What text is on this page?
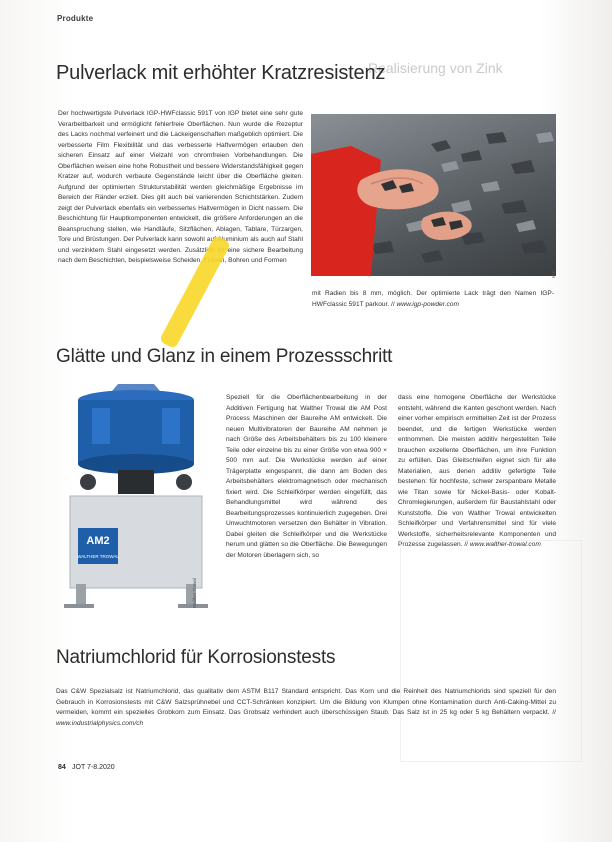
Produkte
Realisierung von Zink
Pulverlack mit erhöhter Kratzresistenz
Der hochwertigste Pulverlack IGP-HWFclassic 591T von IGP bietet eine sehr gute Verarbeitbarkeit und ermöglicht fehlerfreie Oberflächen. Nun wurde die Rezeptur des Lacks nochmal verfeinert und die Lackeigenschaften maßgeblich optimiert. Die verbesserte Film Flexibilität und das verbesserte Haftvermögen erlauben den sicheren Einsatz auf einer Vielzahl von chromfreien Vorbehandlungen. Die Oberflächen weisen eine hohe Robustheit und bessere Widerstandsfähigkeit gegen Kratzer auf, wodurch verbaute Gegenstände leicht über die Oberfläche gleiten. Aufgrund der optimierten Strukturstabilität werden gleichmäßige Ergebnisse im Bereich der Ränder erzielt. Dies gilt auch bei variierenden Schichtstärken. Zudem zeigt der Pulverlack ebenfalls ein verbessertes Haltvermögen in Dicht nassem. Die Beschichtung für Hauptkomponenten entwickelt, die größere Anforderungen an die Beanspruchung stellen, wie Handläufe, Sitzflächen, Ablagen, Tablare, Türzargen, Tore und Brüstungen. Der Pulverlack kann sowohl auf Aluminium als auch auf Stahl und verzinktem Stahl eingesetzt werden. Zusätzlich ist eine sichere Bearbeitung nach dem Beschichten, beispielsweise Scheiden, Fräsen, Bohren und Formen
IGP
mit Radien bis 8 mm, möglich. Der optimierte Lack trägt den Namen IGP-HWFclassic 591T parkour. // www.igp-powder.com
Glätte und Glanz in einem Prozessschritt
AM2
WALTHER TROWAL
Walther Trowal
Speziell für die Oberflächenbearbeitung in der Additiven Fertigung hat Walther Trowal die AM Post Process Maschinen der Baureihe AM entwickelt. Die neuen Multivibratoren der Baureihe AM nehmen je nach Größe des Arbeitsbehälters bis zu 100 kleinere Teile oder einzelne bis zu einer Größe von etwa 900 × 500 mm auf. Die Werkstücke werden auf einer Trägerplatte eingespannt, die dann am Boden des Arbeitsbehälters elektromagnetisch oder mechanisch fixiert wird. Die Schleifkörper werden eingefüllt, das Behandlungsmittel wird während des Bearbeitungsprozesses kontinuierlich zugegeben. Drei Unwuchtmotoren versetzen den Behälter in Vibration. Dabei gleiten die Schleifkörper und die Werkstücke herum und glätten so die Oberfläche. Die Bewegungen der Motoren überlagern sich, so
dass eine homogene Oberfläche der Werkstücke entsteht, während die Kanten geschont werden. Nach einer vorher empirisch ermittelten Zeit ist der Prozess beendet, und die fertigen Werkstücke werden entnommen. Die meisten additiv hergestellten Teile brauchen exzellente Oberflächen, um ihre Funktion zu erfüllen. Das Gleitschleifen eignet sich für alle Materialien, aus denen additiv gefertigte Teile bestehen: für hochfeste, schwer zerspanbare Metalle wie Titan sowie für Nickel-Basis- oder Kobalt-Chromlegierungen, außerdem für Baustahlstahl oder Kunststoffe. Die von Walther Trowal entwickelten Schleifkörper und Verfahrensmittel sind für viele Werkstoffe, sicherheitsrelevante Komponenten und Prozesse zugelassen. // www.walther-trowal.com
Natriumchlorid für Korrosionstests
Das C&W Spezialsalz ist Natriumchlorid, das qualitativ dem ASTM B117 Standard entspricht. Das Korn und die Reinheit des Natriumchlorids sind speziell für den Gebrauch in Korrosionstests mit C&W Salzsprühnebel und CCT-Schränken konzipiert. Um die Bildung von Klumpen ohne Kontamination durch Anti-Caking-Mittel zu vermeiden, kommt ein spezielles Grobkorn zum Einsatz. Das Grobsalz verhindert auch überschüssigen Staub. Das Salz ist in 25 kg oder 5 kg Behältern verpackt. // www.industrialphysics.com/ch
84 JOT 7-8.2020
